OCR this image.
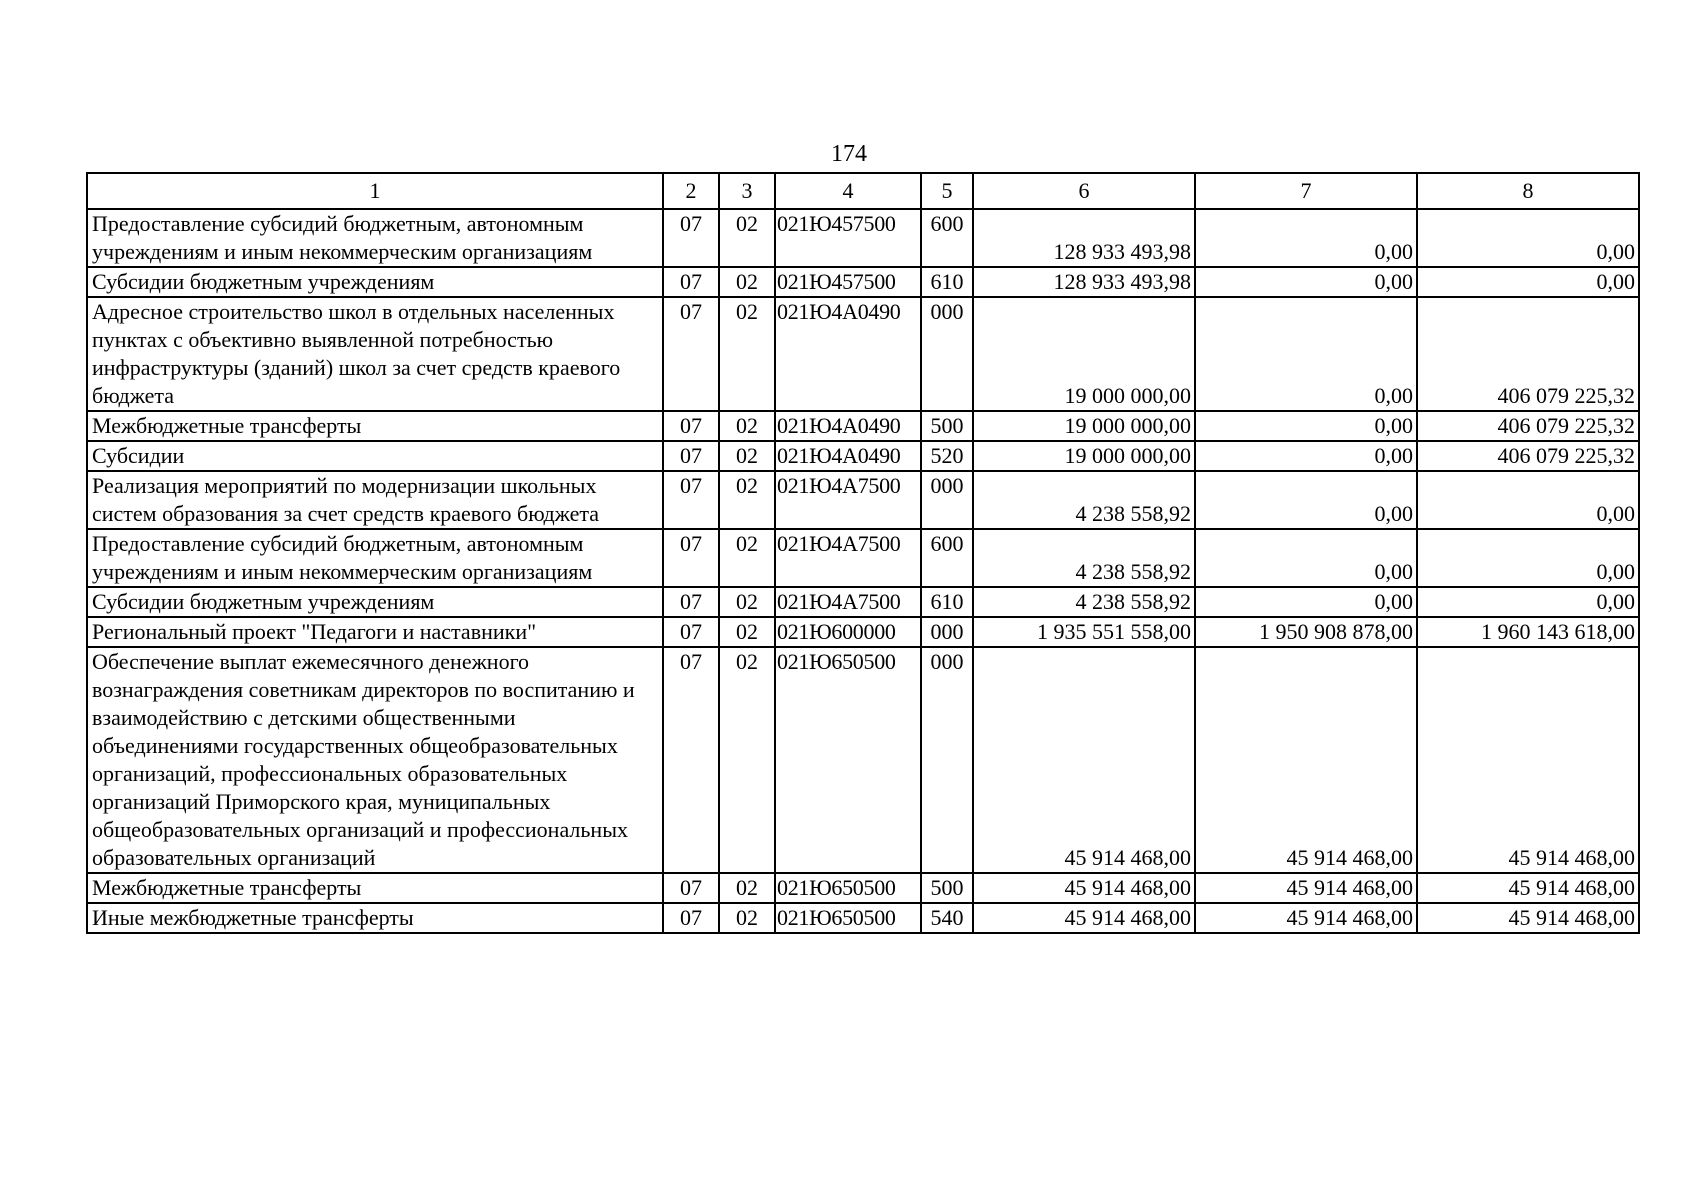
174
1	2	3	4	5	6	7	8
Предоставление субсидий бюджетным, автономным учреждениям и иным некоммерческим организациям	07	02	021Ю457500	600	128 933 493,98	0,00	0,00
Субсидии бюджетным учреждениям	07	02	021Ю457500	610	128 933 493,98	0,00	0,00
Адресное строительство школ в отдельных населенных пунктах с объективно выявленной потребностью инфраструктуры (зданий) школ за счет средств краевого бюджета	07	02	021Ю4А0490	000	19 000 000,00	0,00	406 079 225,32
Межбюджетные трансферты	07	02	021Ю4А0490	500	19 000 000,00	0,00	406 079 225,32
Субсидии	07	02	021Ю4А0490	520	19 000 000,00	0,00	406 079 225,32
Реализация мероприятий по модернизации школьных систем образования за счет средств краевого бюджета	07	02	021Ю4А7500	000	4 238 558,92	0,00	0,00
Предоставление субсидий бюджетным, автономным учреждениям и иным некоммерческим организациям	07	02	021Ю4А7500	600	4 238 558,92	0,00	0,00
Субсидии бюджетным учреждениям	07	02	021Ю4А7500	610	4 238 558,92	0,00	0,00
Региональный проект "Педагоги и наставники"	07	02	021Ю600000	000	1 935 551 558,00	1 950 908 878,00	1 960 143 618,00
Обеспечение выплат ежемесячного денежного вознаграждения советникам директоров по воспитанию и взаимодействию с детскими общественными объединениями государственных общеобразовательных организаций, профессиональных образовательных организаций Приморского края, муниципальных общеобразовательных организаций и профессиональных образовательных организаций	07	02	021Ю650500	000	45 914 468,00	45 914 468,00	45 914 468,00
Межбюджетные трансферты	07	02	021Ю650500	500	45 914 468,00	45 914 468,00	45 914 468,00
Иные межбюджетные трансферты	07	02	021Ю650500	540	45 914 468,00	45 914 468,00	45 914 468,00
